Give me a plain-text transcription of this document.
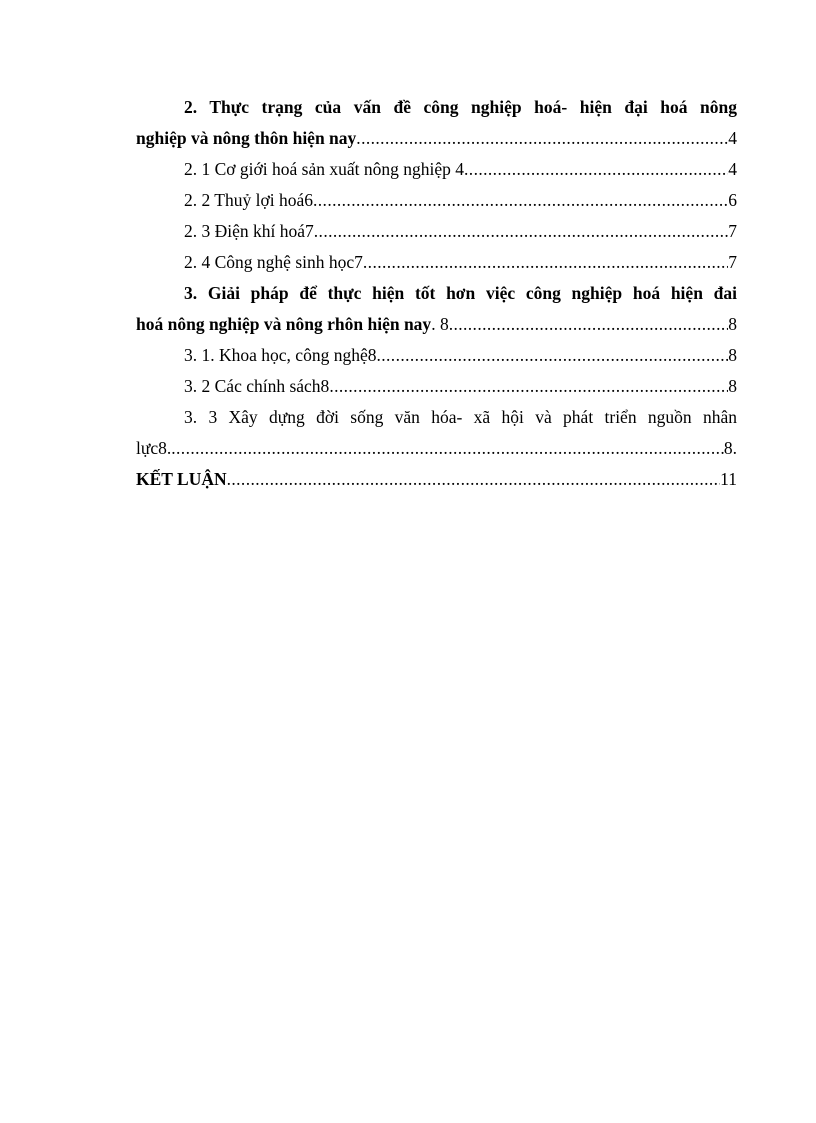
2. Thực trạng của vấn đề công nghiệp hoá- hiện đại hoá nông
nghiệp và nông thôn hiện nay .....	4
2. 1 Cơ giới hoá sản xuất nông nghiệp 4 .....	4
2. 2 Thuỷ lợi hoá6 .....	6
2. 3 Điện khí hoá7 .....	7
2. 4 Công nghệ sinh học7 .....	7
3. Giải pháp để thực hiện tốt hơn việc công nghiệp hoá hiện đai
hoá nông nghiệp và nông rhôn hiện nay. 8 .....	8
3. 1. Khoa học, công nghệ8 .....	8
3. 2 Các chính sách8 .....	8
3. 3 Xây dựng đời sống văn hóa- xã hội và phát triển nguồn nhân
lực8. .....	8.
KẾT LUẬN .....	11
